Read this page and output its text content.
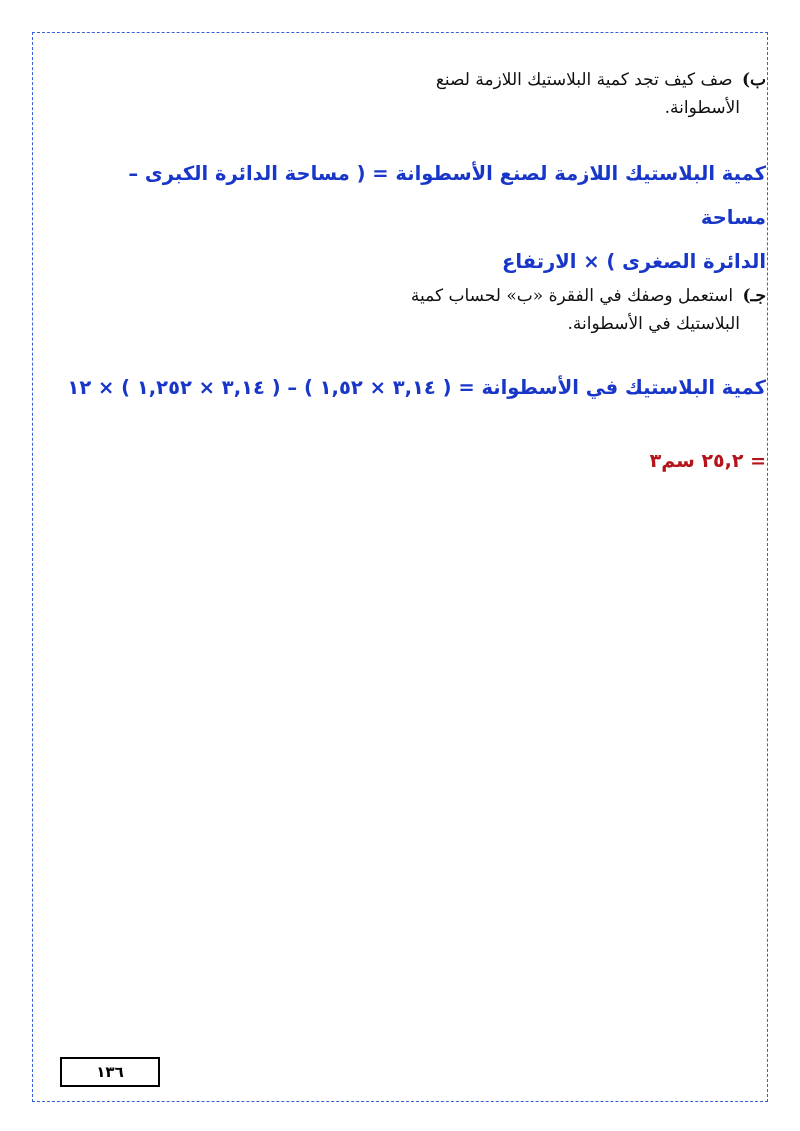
ب) صف كيف تجد كمية البلاستيك اللازمة لصنع
الأسطوانة.
كمية البلاستيك اللازمة لصنع الأسطوانة = ( مساحة الدائرة الكبرى – مساحة
الدائرة الصغرى ) × الارتفاع
جـ) استعمل وصفك في الفقرة «ب» لحساب كمية
البلاستيك في الأسطوانة.
كمية البلاستيك في الأسطوانة = ( ٣,١٤ × ١,٥٢ ) – ( ٣,١٤ × ١,٢٥٢ ) × ١٢
= ٢٥,٢ سم٣
١٣٦
